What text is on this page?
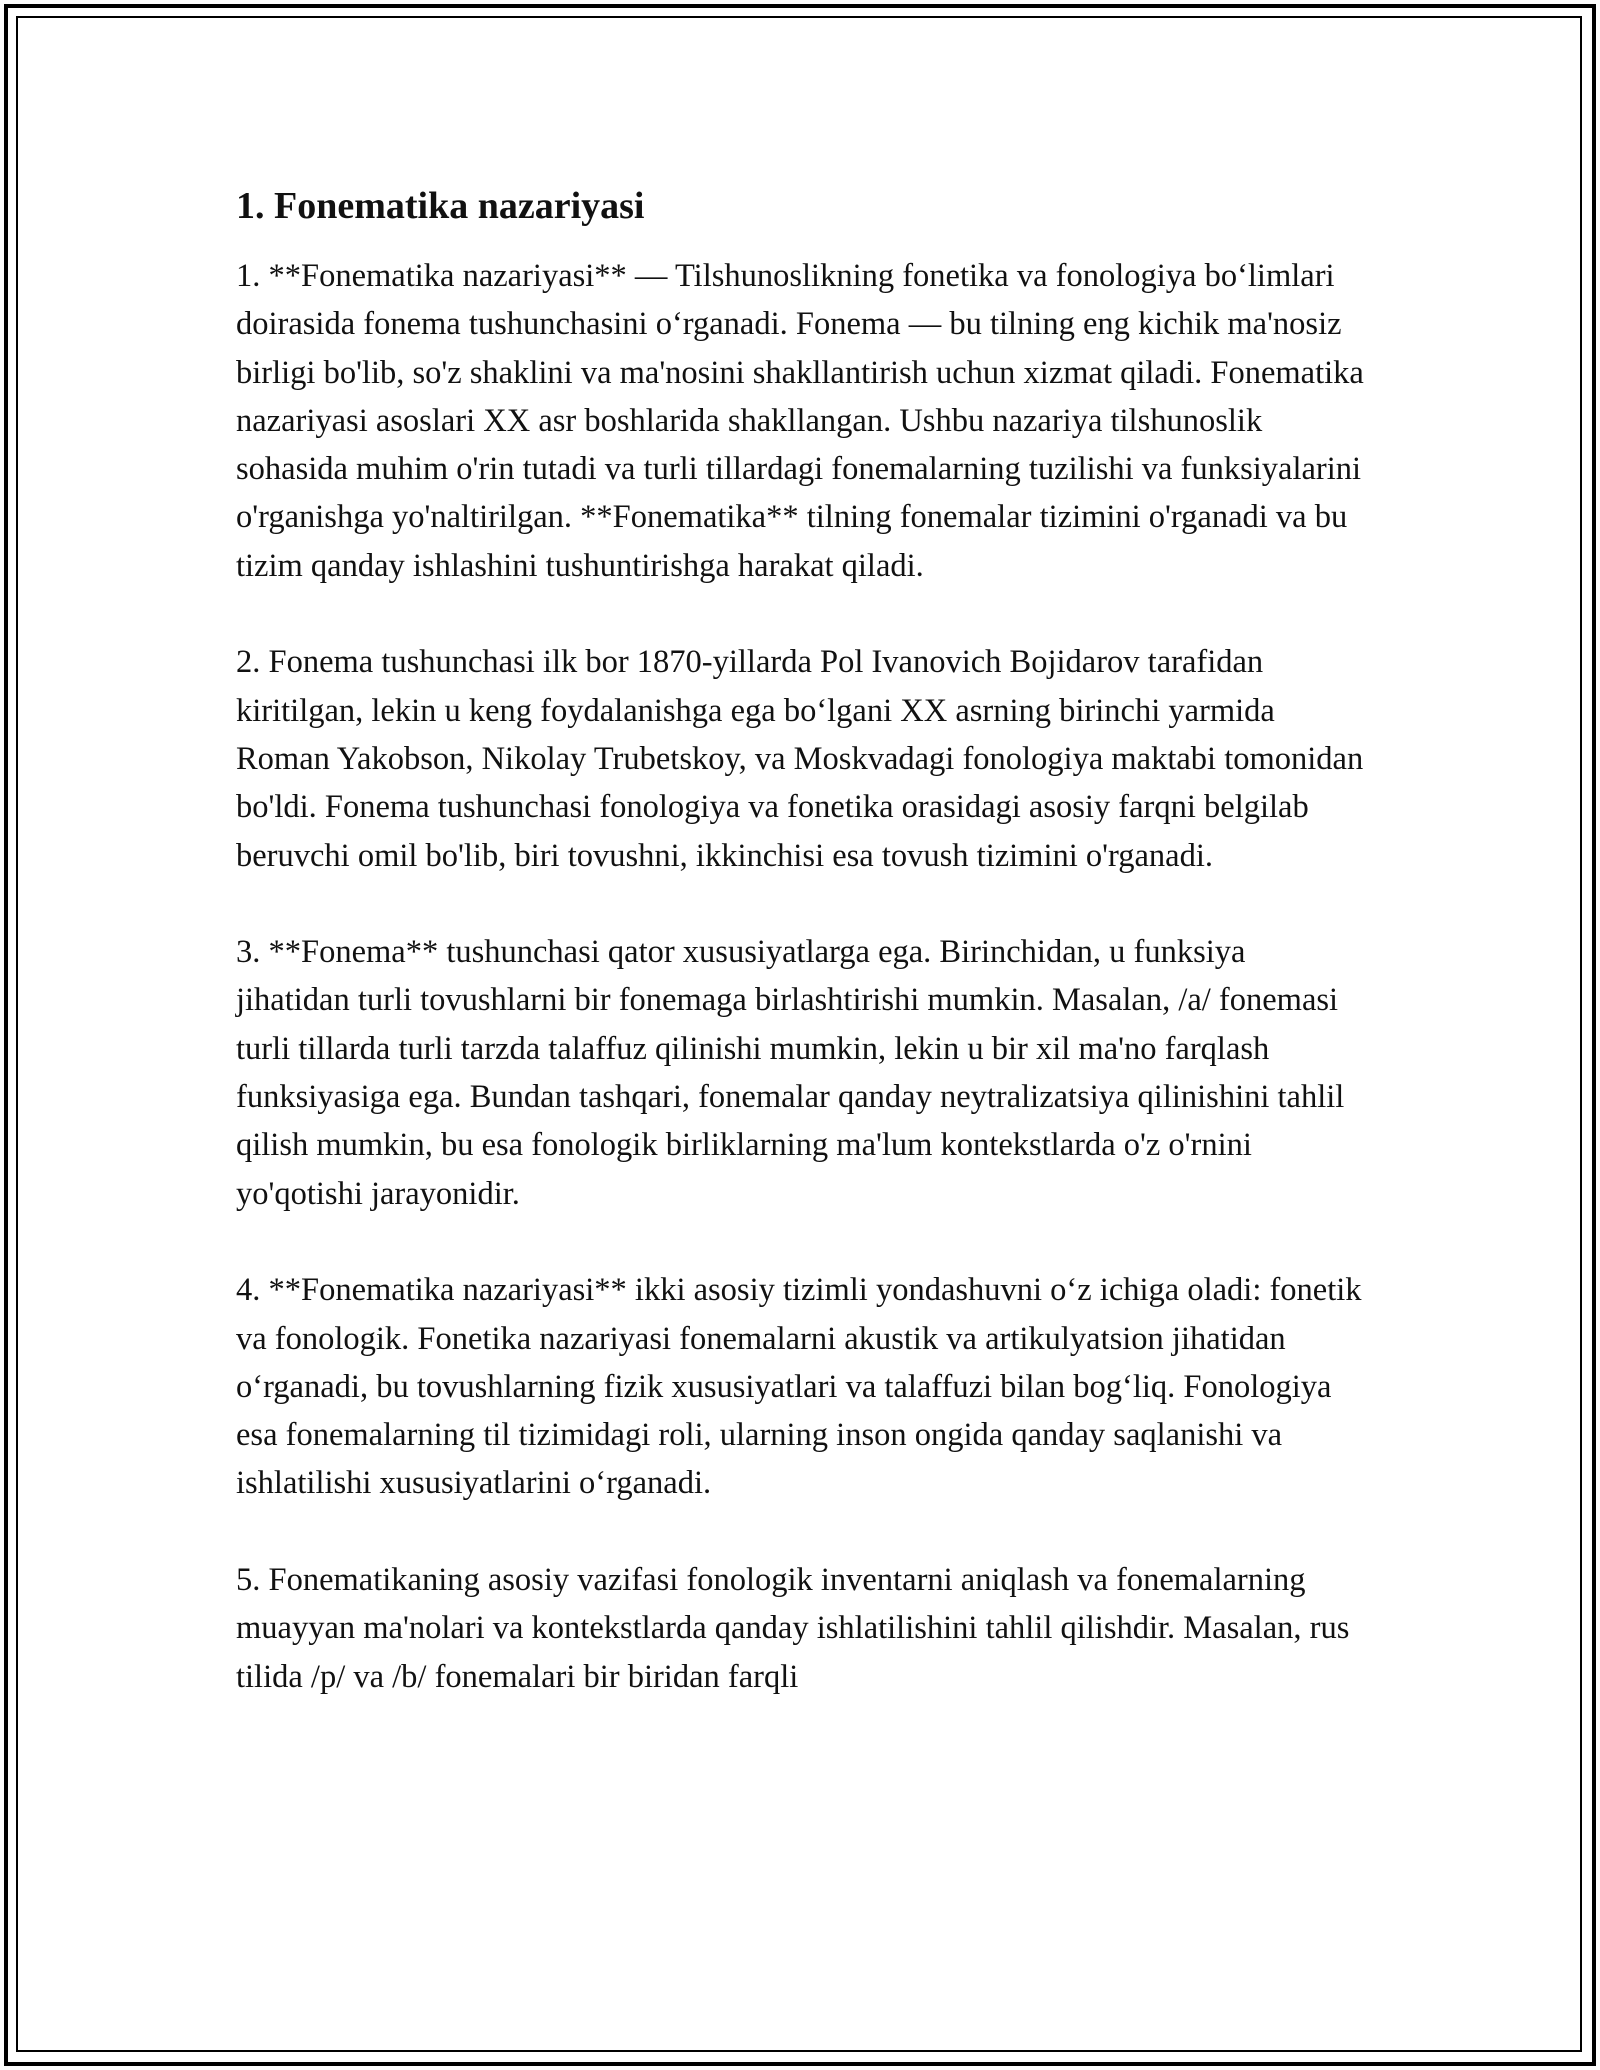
1. Fonematika nazariyasi

1. **Fonematika nazariyasi** — Tilshunoslikning fonetika va fonologiya bo‘limlari doirasida fonema tushunchasini o‘rganadi. Fonema — bu tilning eng kichik ma'nosiz birligi bo'lib, so'z shaklini va ma'nosini shakllantirish uchun xizmat qiladi. Fonematika nazariyasi asoslari XX asr boshlarida shakllangan. Ushbu nazariya tilshunoslik sohasida muhim o'rin tutadi va turli tillardagi fonemalarning tuzilishi va funksiyalarini o'rganishga yo'naltirilgan. **Fonematika** tilning fonemalar tizimini o'rganadi va bu tizim qanday ishlashini tushuntirishga harakat qiladi.

2. Fonema tushunchasi ilk bor 1870-yillarda Pol Ivanovich Bojidarov tarafidan kiritilgan, lekin u keng foydalanishga ega bo‘lgani XX asrning birinchi yarmida Roman Yakobson, Nikolay Trubetskoy, va Moskvadagi fonologiya maktabi tomonidan bo'ldi. Fonema tushunchasi fonologiya va fonetika orasidagi asosiy farqni belgilab beruvchi omil bo'lib, biri tovushni, ikkinchisi esa tovush tizimini o'rganadi.

3. **Fonema** tushunchasi qator xususiyatlarga ega. Birinchidan, u funksiya jihatidan turli tovushlarni bir fonemaga birlashtirishi mumkin. Masalan, /a/ fonemasi turli tillarda turli tarzda talaffuz qilinishi mumkin, lekin u bir xil ma'no farqlash funksiyasiga ega. Bundan tashqari, fonemalar qanday neytralizatsiya qilinishini tahlil qilish mumkin, bu esa fonologik birliklarning ma'lum kontekstlarda o'z o'rnini yo'qotishi jarayonidir.

4. **Fonematika nazariyasi** ikki asosiy tizimli yondashuvni o‘z ichiga oladi: fonetik va fonologik. Fonetika nazariyasi fonemalarni akustik va artikulyatsion jihatidan o‘rganadi, bu tovushlarning fizik xususiyatlari va talaffuzi bilan bog‘liq. Fonologiya esa fonemalarning til tizimidagi roli, ularning inson ongida qanday saqlanishi va ishlatilishi xususiyatlarini o‘rganadi.

5. Fonematikaning asosiy vazifasi fonologik inventarni aniqlash va fonemalarning muayyan ma'nolari va kontekstlarda qanday ishlatilishini tahlil qilishdir. Masalan, rus tilida /p/ va /b/ fonemalari bir biridan farqli
